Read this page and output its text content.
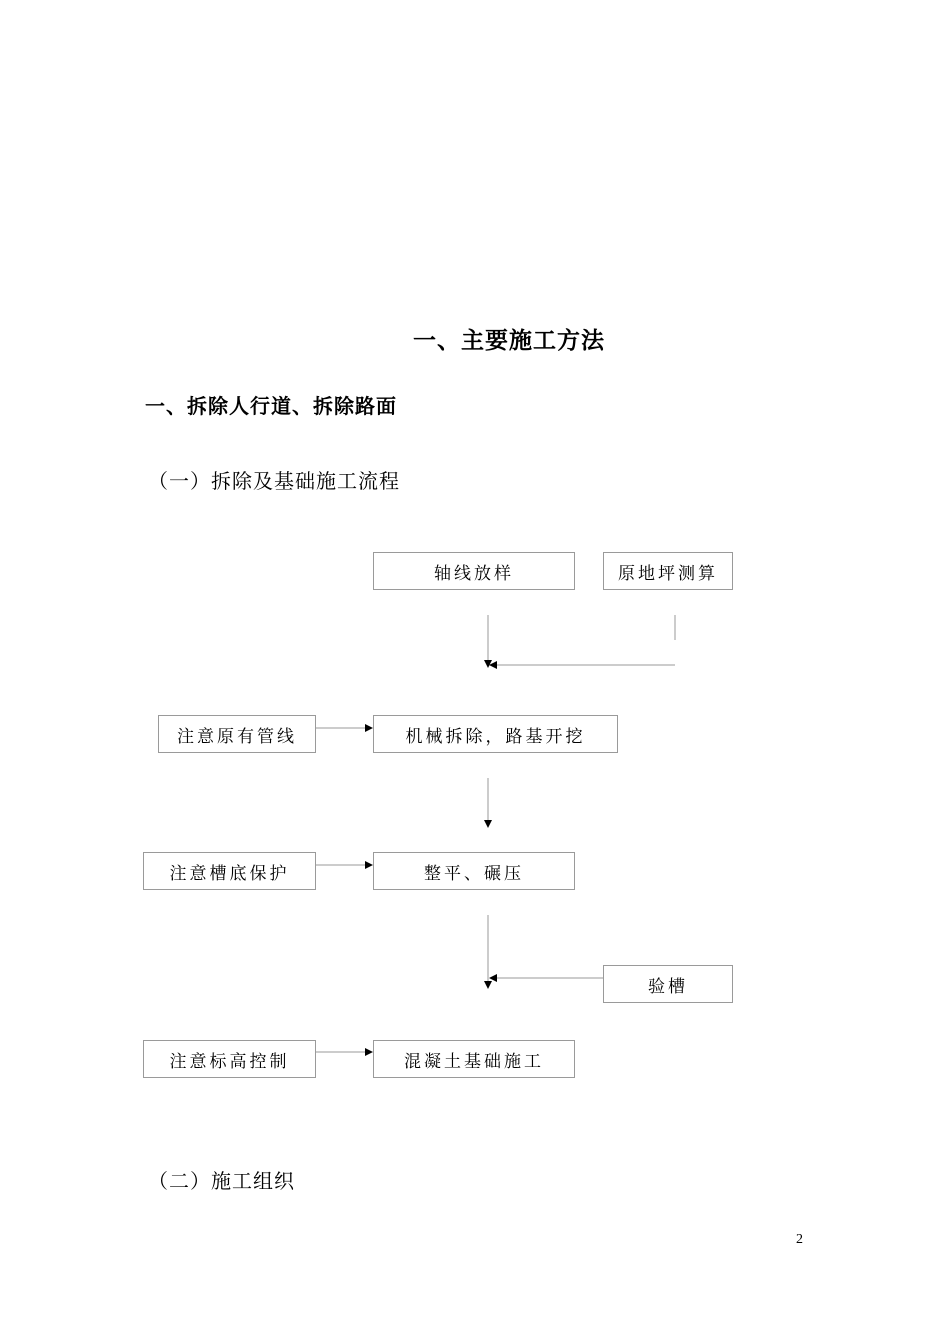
一、主要施工方法
一、拆除人行道、拆除路面
（一）拆除及基础施工流程
轴线放样	原地坪测算
注意原有管线	机械拆除，路基开挖
注意槽底保护	整平、碾压
验槽
注意标高控制	混凝土基础施工
（二）施工组织
2
